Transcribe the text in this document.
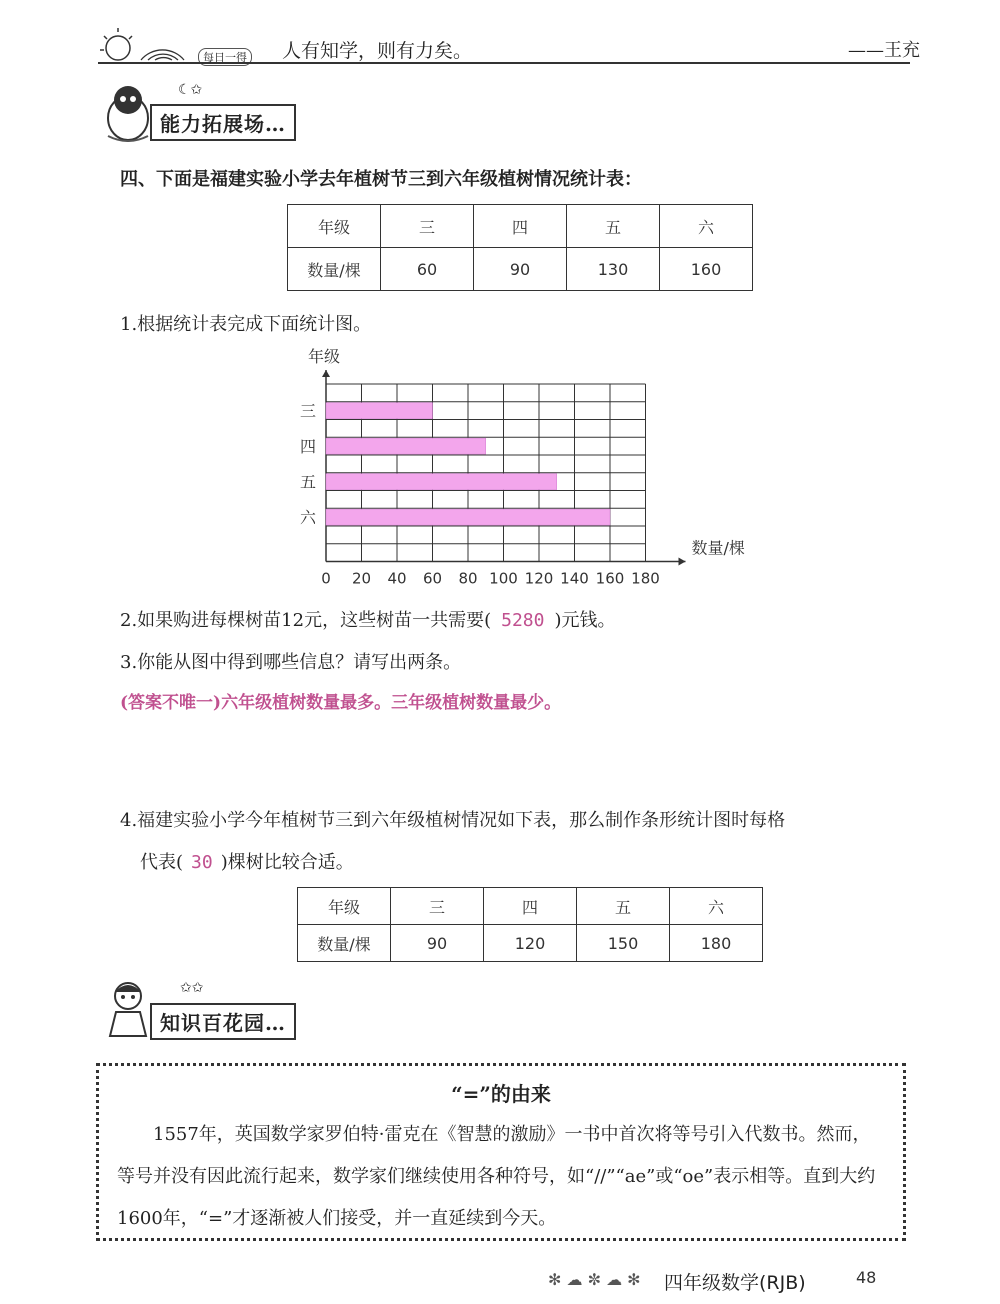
每日一得 人有知学，则有力矣。	——王充
☾✩
能力拓展场…
四、下面是福建实验小学去年植树节三到六年级植树情况统计表：
年级	三	四	五	六
数量/棵	60	90	130	160
1.根据统计表完成下面统计图。
三
四
五
六
0 20 40 60 80 100 120 140 160 180
数量/棵
年级
2.如果购进每棵树苗12元，这些树苗一共需要( 5280 )元钱。
3.你能从图中得到哪些信息？请写出两条。
(答案不唯一)六年级植树数量最多。三年级植树数量最少。
4.福建实验小学今年植树节三到六年级植树情况如下表，那么制作条形统计图时每格
代表( 30 )棵树比较合适。
年级	三	四	五	六
数量/棵	90	120	150	180
✩✩
知识百花园…
“=”的由来
1557年，英国数学家罗伯特·雷克在《智慧的激励》一书中首次将等号引入代数书。然而，等号并没有因此流行起来，数学家们继续使用各种符号，如“//”“ae”或“oe”表示相等。直到大约1600年，“=”才逐渐被人们接受，并一直延续到今天。
✻ ☁ ✼ ☁ ✻ 四年级数学(RJB)	48
